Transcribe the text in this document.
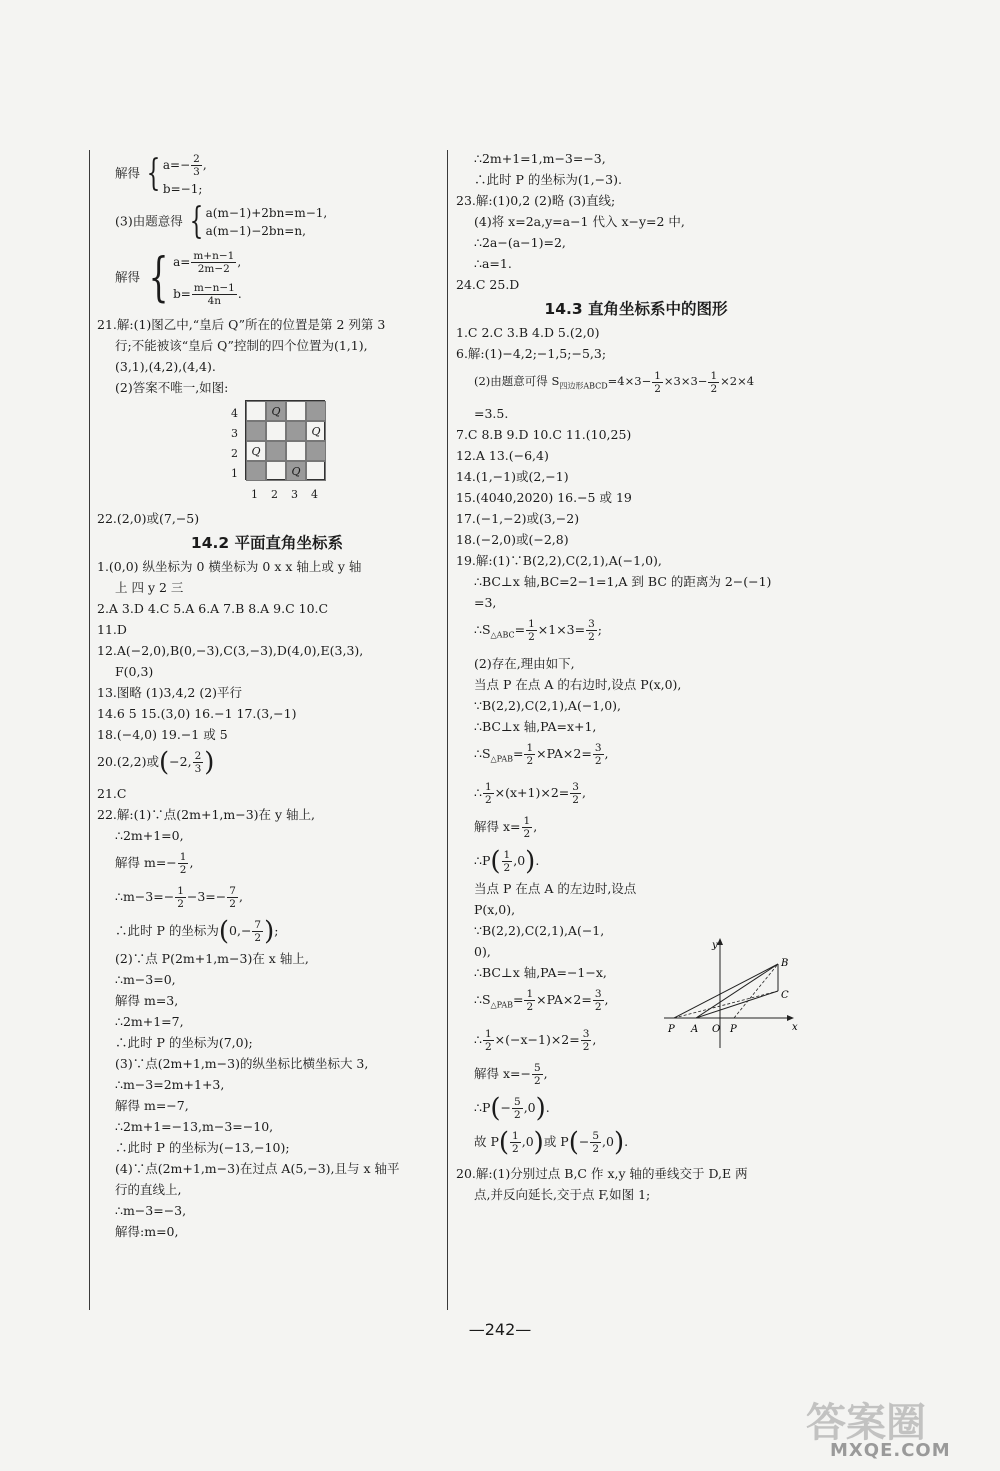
解得 { $a=- \frac{2}{3}$ ,
b=−1;
(3)由题意得 { a(m−1)+2bn=m−1,
a(m−1)−2bn=n,
解得 { $a= \frac{m+n-1}{2m-2}$ ,
$b= \frac{m-n-1}{4n}$ .
21.解:(1)图乙中,“皇后 Q”所在的位置是第 2 列第 3
行;不能被该“皇后 Q”控制的四个位置为(1,1),
(3,1),(4,2),(4,4).
(2)答案不唯一,如图:
4
3
2
1
Q
Q
Q
Q
1 2 3 4
22.(2,0)或(7,−5)
14.2 平面直角坐标系
1.(0,0) 纵坐标为 0 横坐标为 0 x x 轴上或 y 轴
上 四 y 2 三
2.A 3.D 4.C 5.A 6.A 7.B 8.A 9.C 10.C
11.D
12.A(−2,0),B(0,−3),C(3,−3),D(4,0),E(3,3),
F(0,3)
13.图略 (1)3,4,2 (2)平行
14.6 5 15.(3,0) 16.−1 17.(3,−1)
18.(−4,0) 19.−1 或 5
20.(2,2)或(−2, $\frac{2}{3}$ )
21.C
22.解:(1)∵点(2m+1,m−3)在 y 轴上,
∴2m+1=0,
解得 $m=- \frac{1}{2}$ ,
∴m−3=− $\frac{1}{2} -3=- \frac{7}{2}$ ,
∴此时 P 的坐标为($0,- \frac{7}{2}$ );
(2)∵点 P(2m+1,m−3)在 x 轴上,
∴m−3=0,
解得 m=3,
∴2m+1=7,
∴此时 P 的坐标为(7,0);
(3)∵点(2m+1,m−3)的纵坐标比横坐标大 3,
∴m−3=2m+1+3,
解得 m=−7,
∴2m+1=−13,m−3=−10,
∴此时 P 的坐标为(−13,−10);
(4)∵点(2m+1,m−3)在过点 A(5,−3),且与 x 轴平
行的直线上,
∴m−3=−3,
解得:m=0,
∴2m+1=1,m−3=−3,
∴此时 P 的坐标为(1,−3).
23.解:(1)0,2 (2)略 (3)直线;
(4)将 x=2a,y=a−1 代入 x−y=2 中,
∴2a−(a−1)=2,
∴a=1.
24.C 25.D
14.3 直角坐标系中的图形
1.C 2.C 3.B 4.D 5.(2,0)
6.解:(1)−4,2;−1,5;−5,3;
(2)由题意可得 $S_{四边形ABCD}=4\times 3- \frac{1}{2} \times 3\times 3- \frac{1}{2} \times 2\times 4$
=3.5.
7.C 8.B 9.D 10.C 11.(10,25)
12.A 13.(−6,4)
14.(1,−1)或(2,−1)
15.(4040,2020) 16.−5 或 19
17.(−1,−2)或(3,−2)
18.(−2,0)或(−2,8)
19.解:(1)∵B(2,2),C(2,1),A(−1,0),
∴BC⊥x 轴,BC=2−1=1,A 到 BC 的距离为 2−(−1)
=3,
$\therefore S_{\triangle ABC}= \frac{1}{2} \times 1\times 3= \frac{3}{2}$ ;
(2)存在,理由如下,
当点 P 在点 A 的右边时,设点 P(x,0),
∵B(2,2),C(2,1),A(−1,0),
∴BC⊥x 轴,PA=x+1,
$\therefore S_{\triangle PAB}= \frac{1}{2} \times PA\times 2= \frac{3}{2}$ ,
∴ $\frac{1}{2} \times(x+1)\times 2= \frac{3}{2}$ ,
解得 $x= \frac{1}{2}$ ,
∴P( $\frac{1}{2} ,0$).
当点 P 在点 A 的左边时,设点
P(x,0),
∵B(2,2),C(2,1),A(−1,
0),
∴BC⊥x 轴,PA=−1−x,
$\therefore S_{\triangle PAB}= \frac{1}{2} \times PA\times 2= \frac{3}{2}$ ,
∴ $\frac{1}{2} \times(-x-1)\times 2= \frac{3}{2}$ ,
解得 $x=- \frac{5}{2}$ ,
∴P(− $\frac{5}{2} ,0$).
故 $P( \frac{1}{2} ,0)$或 $P(- \frac{5}{2} ,0)$.
20.解:(1)分别过点 B,C 作 x,y 轴的垂线交于 D,E 两
点,并反向延长,交于点 F,如图 1;
y
x
B
C
P A O P
—242—
答案圈
MXQE.COM
